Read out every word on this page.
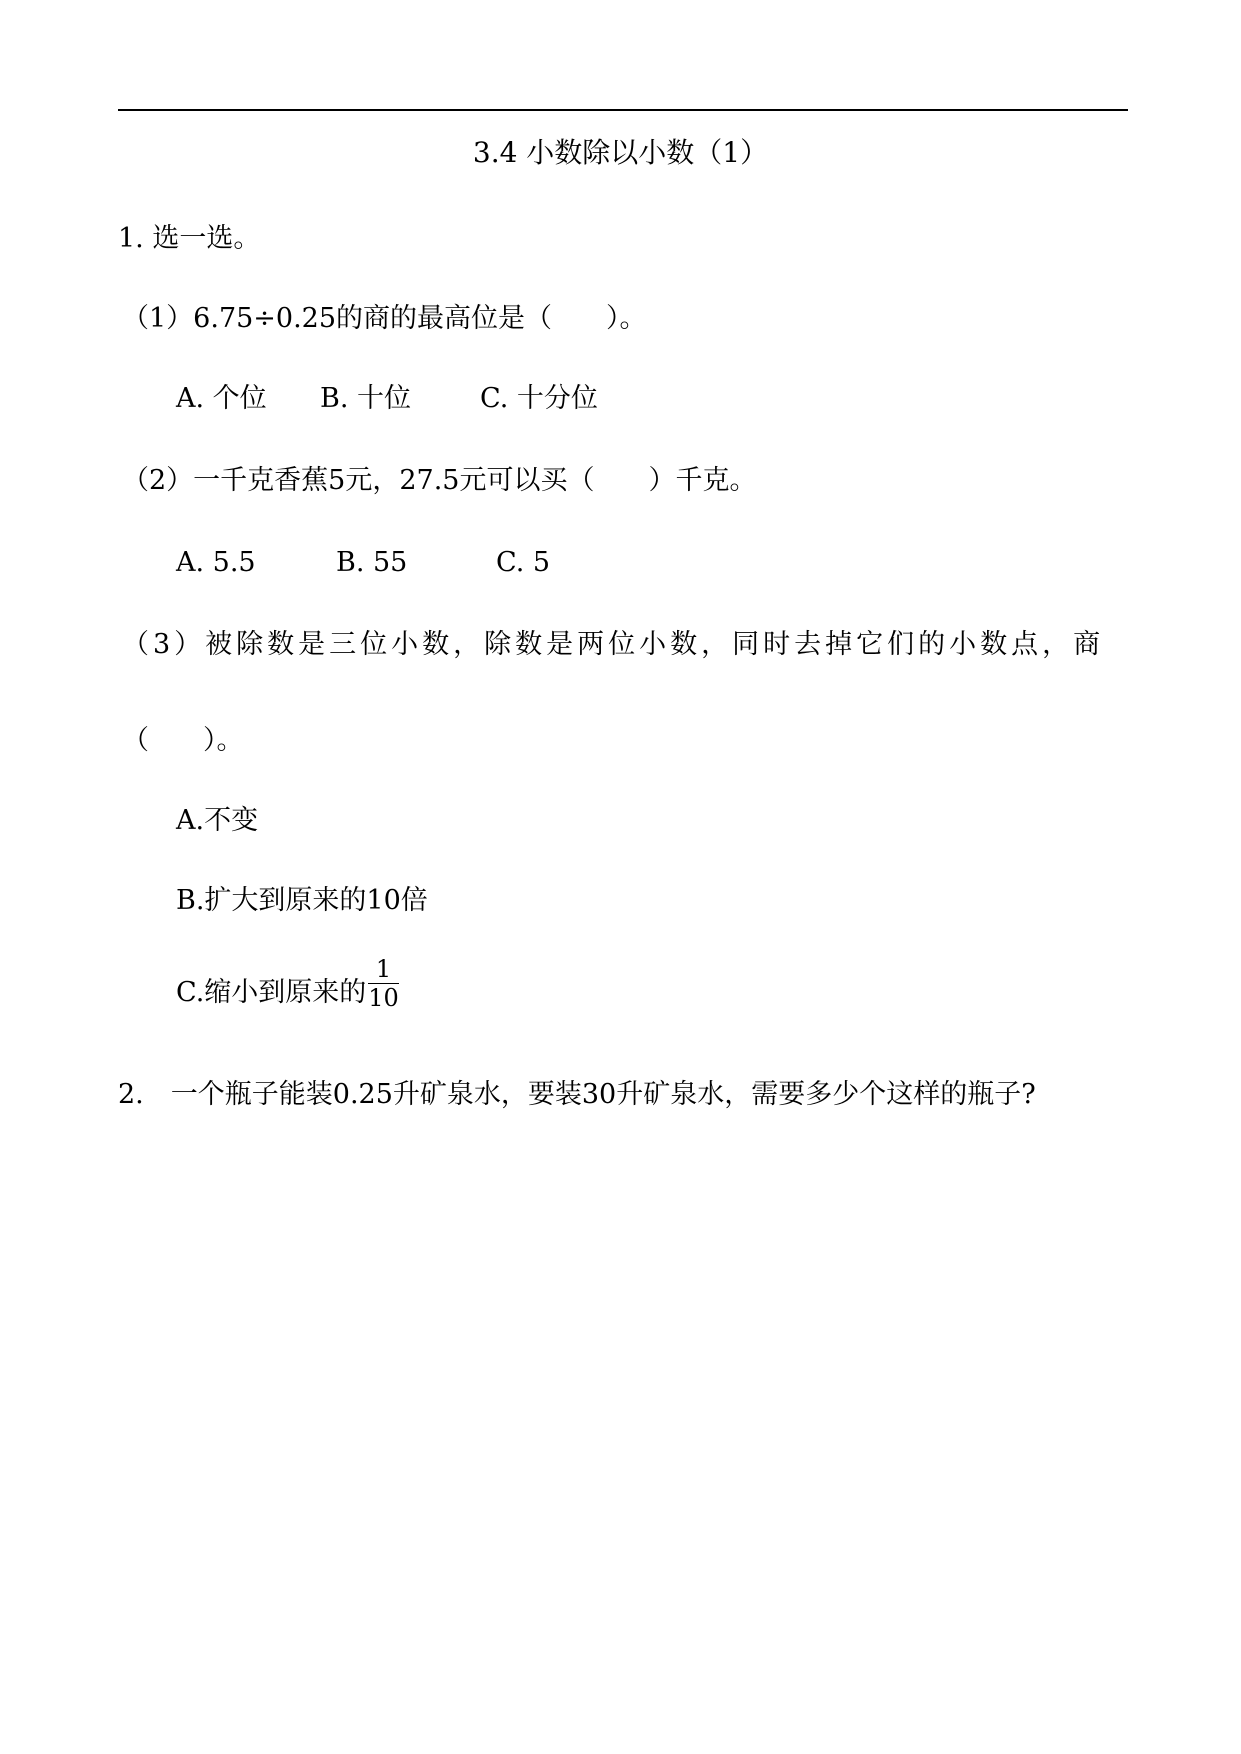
3.4 小数除以小数（1）
1. 选一选。
（1）6.75÷0.25的商的最高位是（　　）。
A. 个位 B. 十位	C. 十分位
（2）一千克香蕉5元，27.5元可以买（　　）千克。
A. 5.5	B. 55	C. 5
（3）被除数是三位小数，除数是两位小数，同时去掉它们的小数点，商
（　　）。
A.不变
B.扩大到原来的10倍
C.缩小到原来的 $\frac{1}{10}$
2.　一个瓶子能装0.25升矿泉水，要装30升矿泉水，需要多少个这样的瓶子?
